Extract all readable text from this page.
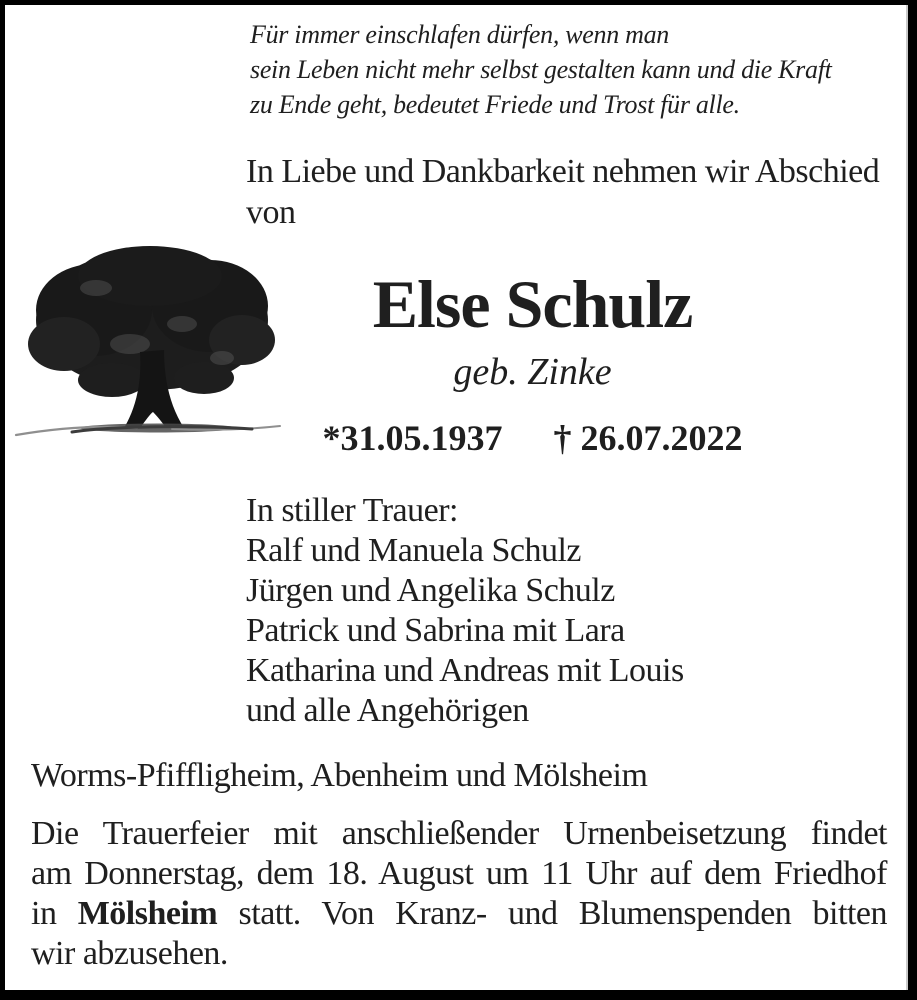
Für immer einschlafen dürfen, wenn man
sein Leben nicht mehr selbst gestalten kann und die Kraft
zu Ende geht, bedeutet Friede und Trost für alle.
In Liebe und Dankbarkeit nehmen wir Abschied
von
Else Schulz
geb. Zinke
*31.05.1937 † 26.07.2022
In stiller Trauer:
Ralf und Manuela Schulz
Jürgen und Angelika Schulz
Patrick und Sabrina mit Lara
Katharina und Andreas mit Louis
und alle Angehörigen
Worms-Pfiffligheim, Abenheim und Mölsheim
Die Trauerfeier mit anschließender Urnenbeisetzung findet
am Donnerstag, dem 18. August um 11 Uhr auf dem Friedhof
in Mölsheim statt. Von Kranz- und Blumenspenden bitten
wir abzusehen.
